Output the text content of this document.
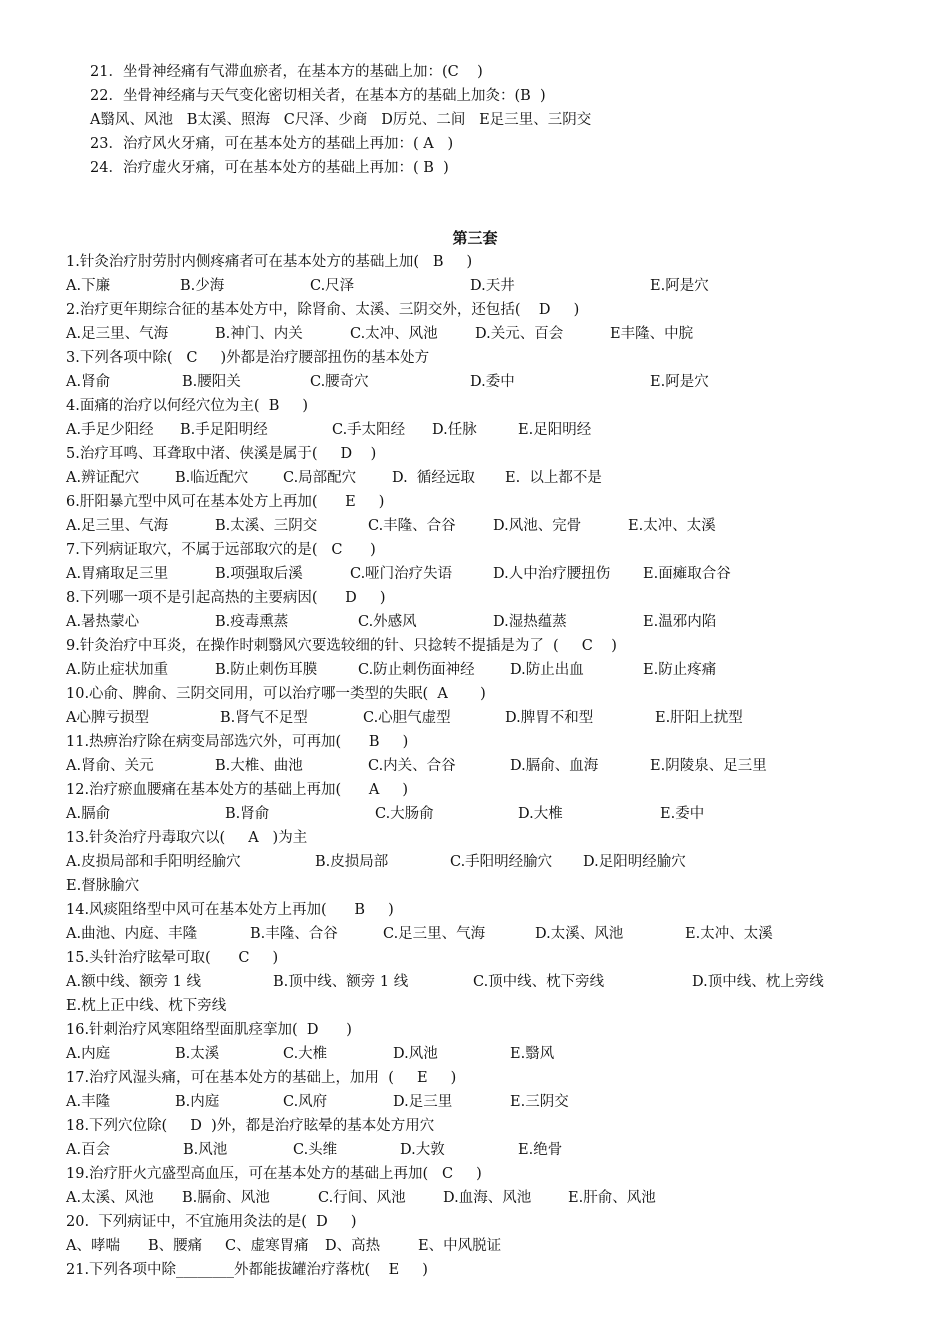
21．坐骨神经痛有气滞血瘀者，在基本方的基础上加：(C    )
22．坐骨神经痛与天气变化密切相关者，在基本方的基础上加灸：(B  )
A翳风、风池   B太溪、照海   C尺泽、少商   D厉兑、二间   E足三里、三阴交
23．治疗风火牙痛，可在基本处方的基础上再加：( A   )
24．治疗虚火牙痛，可在基本处方的基础上再加：( B  )
第三套
1.针灸治疗肘劳肘内侧疼痛者可在基本处方的基础上加(   B     )
A.下廉	B.少海	C.尺泽	D.天井	E.阿是穴
2.治疗更年期综合征的基本处方中，除肾俞、太溪、三阴交外，还包括(    D     )
A.足三里、气海	B.神门、内关	C.太冲、风池	D.关元、百会	E丰隆、中脘
3.下列各项中除(   C     )外都是治疗腰部扭伤的基本处方
A.肾俞	B.腰阳关	C.腰奇穴	D.委中	E.阿是穴
4.面痛的治疗以何经穴位为主(  B     )
A.手足少阳经 B.手足阳明经	C.手太阳经 D.任脉	E.足阳明经
5.治疗耳鸣、耳聋取中渚、侠溪是属于(     D    )
A.辨证配穴 B.临近配穴 C.局部配穴 D.  循经远取 E.  以上都不是
6.肝阳暴亢型中风可在基本处方上再加(      E     )
A.足三里、气海	B.太溪、三阴交	C.丰隆、合谷	D.风池、完骨	E.太冲、太溪
7.下列病证取穴，不属于远部取穴的是(   C      )
A.胃痛取足三里	B.项强取后溪	C.哑门治疗失语	D.人中治疗腰扭伤 E.面瘫取合谷
8.下列哪一项不是引起高热的主要病因(      D     )
A.暑热蒙心	B.疫毒熏蒸	C.外感风	D.湿热蕴蒸	E.温邪内陷
9.针灸治疗中耳炎，在操作时刺翳风穴要选较细的针、只捻转不提插是为了  (     C    )
A.防止症状加重	B.防止刺伤耳膜	C.防止刺伤面神经 D.防止出血	E.防止疼痛
10.心俞、脾俞、三阴交同用，可以治疗哪一类型的失眠(  A       )
A心脾亏损型	B.肾气不足型	C.心胆气虚型	D.脾胃不和型	E.肝阳上扰型
11.热痹治疗除在病变局部选穴外，可再加(      B     )
A.肾俞、关元	B.大椎、曲池	C.内关、合谷	D.膈俞、血海	E.阴陵泉、足三里
12.治疗瘀血腰痛在基本处方的基础上再加(      A     )
A.膈俞	B.肾俞	C.大肠俞	D.大椎	E.委中
13.针灸治疗丹毒取穴以(     A   )为主
A.皮损局部和手阳明经腧穴	B.皮损局部	C.手阳明经腧穴 D.足阳明经腧穴
E.督脉腧穴
14.风痰阻络型中风可在基本处方上再加(      B     )
A.曲池、内庭、丰隆	B.丰隆、合谷	C.足三里、气海	D.太溪、风池	E.太冲、太溪
15.头针治疗眩晕可取(      C     )
A.额中线、额旁 1 线	B.顶中线、额旁 1 线	C.顶中线、枕下旁线	D.顶中线、枕上旁线
E.枕上正中线、枕下旁线
16.针刺治疗风寒阻络型面肌痉挛加(  D      )
A.内庭	B.太溪	C.大椎	D.风池	E.翳风
17.治疗风湿头痛，可在基本处方的基础上，加用  (     E     )
A.丰隆	B.内庭	C.风府	D.足三里	E.三阴交
18.下列穴位除(     D  )外，都是治疗眩晕的基本处方用穴
A.百会	B.风池	C.头维	D.大敦	E.绝骨
19.治疗肝火亢盛型高血压，可在基本处方的基础上再加(   C     )
A.太溪、风池 B.膈俞、风池	C.行间、风池	D.血海、风池	E.肝俞、风池
20.  下列病证中，不宜施用灸法的是(  D     )
A、哮喘 B、腰痛 C、虚寒胃痛 D、高热	E、中风脱证
21.下列各项中除________外都能拔罐治疗落枕(    E     )
